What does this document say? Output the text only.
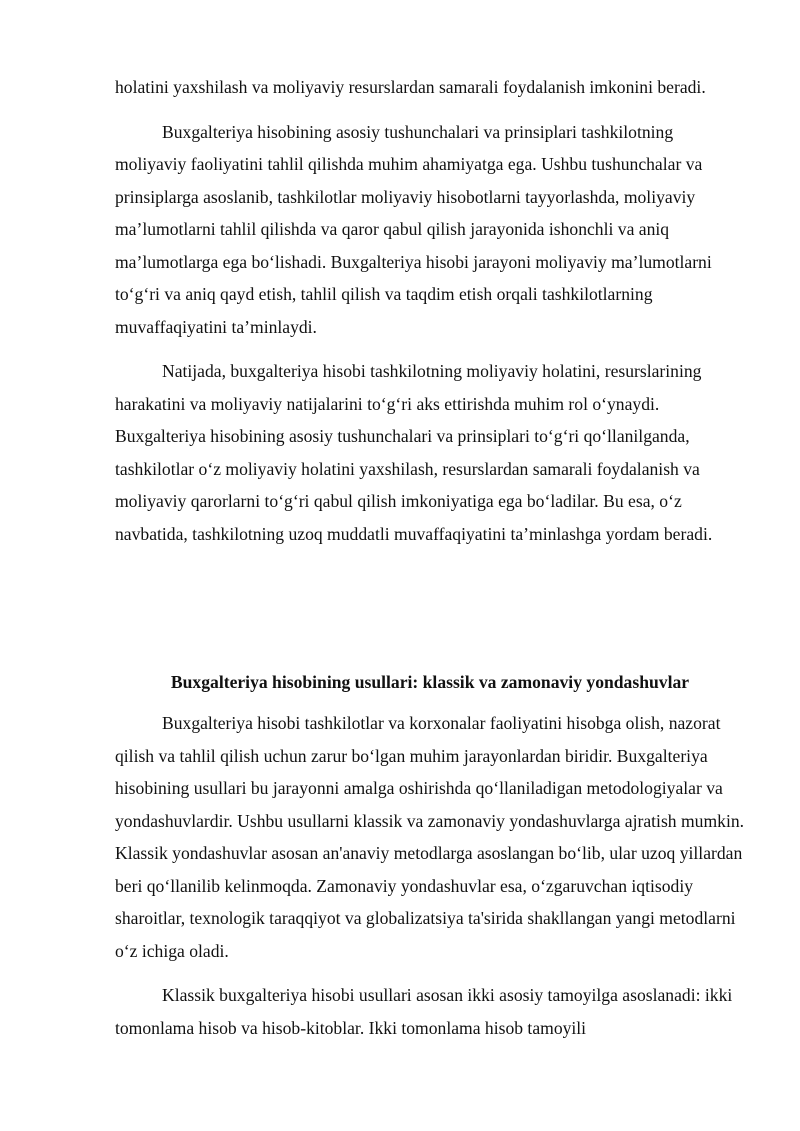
holatini yaxshilash va moliyaviy resurslardan samarali foydalanish imkonini beradi.

Buxgalteriya hisobining asosiy tushunchalari va prinsiplari tashkilotning moliyaviy faoliyatini tahlil qilishda muhim ahamiyatga ega. Ushbu tushunchalar va prinsiplarga asoslanib, tashkilotlar moliyaviy hisobotlarni tayyorlashda, moliyaviy ma’lumotlarni tahlil qilishda va qaror qabul qilish jarayonida ishonchli va aniq ma’lumotlarga ega bo‘lishadi. Buxgalteriya hisobi jarayoni moliyaviy ma’lumotlarni to‘g‘ri va aniq qayd etish, tahlil qilish va taqdim etish orqali tashkilotlarning muvaffaqiyatini ta’minlaydi.

Natijada, buxgalteriya hisobi tashkilotning moliyaviy holatini, resurslarining harakatini va moliyaviy natijalarini to‘g‘ri aks ettirishda muhim rol o‘ynaydi. Buxgalteriya hisobining asosiy tushunchalari va prinsiplari to‘g‘ri qo‘llanilganda, tashkilotlar o‘z moliyaviy holatini yaxshilash, resurslardan samarali foydalanish va moliyaviy qarorlarni to‘g‘ri qabul qilish imkoniyatiga ega bo‘ladilar. Bu esa, o‘z navbatida, tashkilotning uzoq muddatli muvaffaqiyatini ta’minlashga yordam beradi.

Buxgalteriya hisobining usullari: klassik va zamonaviy yondashuvlar

Buxgalteriya hisobi tashkilotlar va korxonalar faoliyatini hisobga olish, nazorat qilish va tahlil qilish uchun zarur bo‘lgan muhim jarayonlardan biridir. Buxgalteriya hisobining usullari bu jarayonni amalga oshirishda qo‘llaniladigan metodologiyalar va yondashuvlardir. Ushbu usullarni klassik va zamonaviy yondashuvlarga ajratish mumkin. Klassik yondashuvlar asosan an'anaviy metodlarga asoslangan bo‘lib, ular uzoq yillardan beri qo‘llanilib kelinmoqda. Zamonaviy yondashuvlar esa, o‘zgaruvchan iqtisodiy sharoitlar, texnologik taraqqiyot va globalizatsiya ta'sirida shakllangan yangi metodlarni o‘z ichiga oladi.

Klassik buxgalteriya hisobi usullari asosan ikki asosiy tamoyilga asoslanadi: ikki tomonlama hisob va hisob-kitoblar. Ikki tomonlama hisob tamoyili
